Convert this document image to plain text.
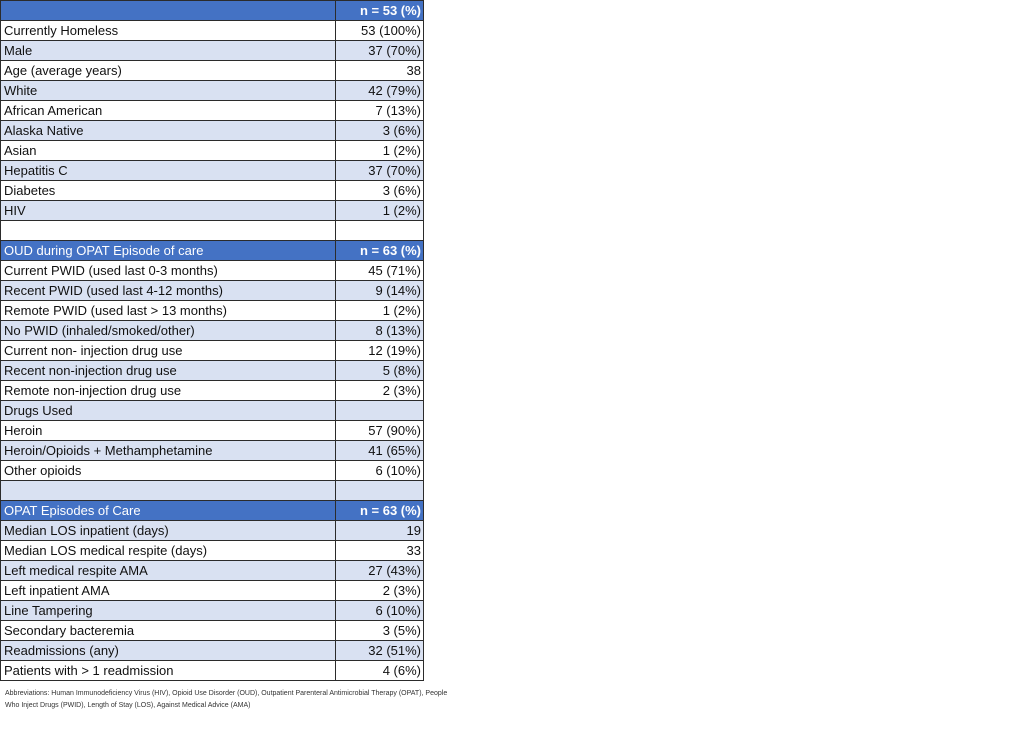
	n = 53 (%)
Currently Homeless	53 (100%)
Male	37 (70%)
Age (average years)	38
White	42 (79%)
African American	7 (13%)
Alaska Native	3 (6%)
Asian	1 (2%)
Hepatitis C	37 (70%)
Diabetes	3 (6%)
HIV	1 (2%)

OUD during OPAT Episode of care	n = 63 (%)
Current PWID (used last 0-3 months)	45 (71%)
Recent PWID (used last 4-12 months)	9 (14%)
Remote PWID (used last > 13 months)	1 (2%)
No PWID (inhaled/smoked/other)	8 (13%)
Current non- injection drug use	12 (19%)
Recent non-injection drug use	5 (8%)
Remote non-injection drug use	2 (3%)
Drugs Used	
Heroin	57 (90%)
Heroin/Opioids + Methamphetamine	41 (65%)
Other opioids	6 (10%)

OPAT Episodes of Care	n = 63 (%)
Median LOS inpatient (days)	19
Median LOS medical respite (days)	33
Left medical respite AMA	27 (43%)
Left inpatient AMA	2 (3%)
Line Tampering	6 (10%)
Secondary bacteremia	3 (5%)
Readmissions (any)	32 (51%)
Patients with > 1 readmission	4 (6%)
Abbreviations: Human Immunodeficiency Virus (HIV), Opioid Use Disorder (OUD), Outpatient Parenteral Antimicrobial Therapy (OPAT), People
Who Inject Drugs (PWID), Length of Stay (LOS), Against Medical Advice (AMA)
